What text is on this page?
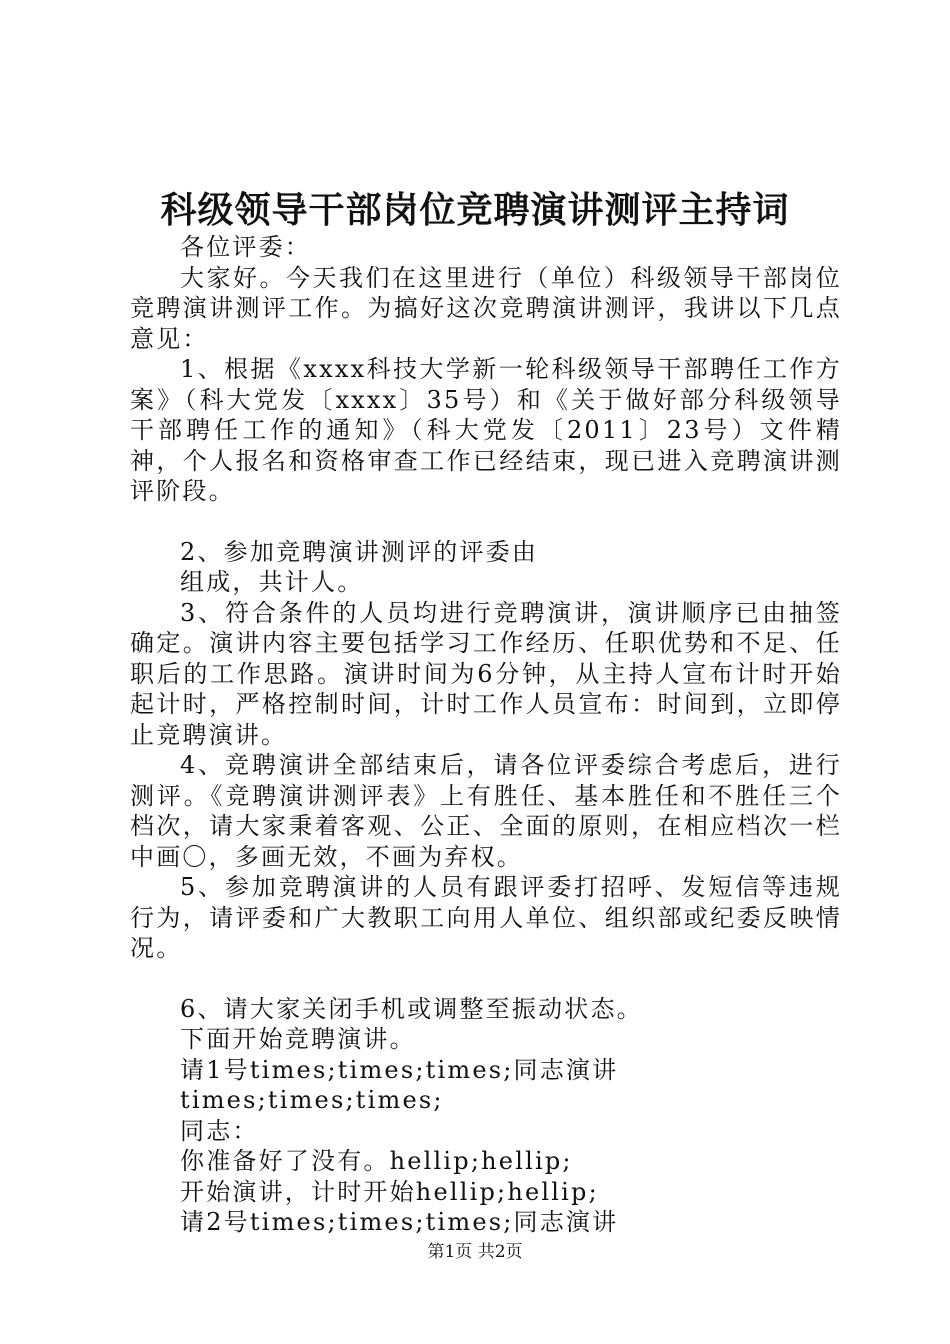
科级领导干部岗位竞聘演讲测评主持词

各位评委：

大家好。今天我们在这里进行（单位）科级领导干部岗位竞聘演讲测评工作。为搞好这次竞聘演讲测评，我讲以下几点意见：

1、根据《xxxx科技大学新一轮科级领导干部聘任工作方案》（科大党发〔xxxx〕35号）和《关于做好部分科级领导干部聘任工作的通知》（科大党发〔2011〕23号）文件精神，个人报名和资格审查工作已经结束，现已进入竞聘演讲测评阶段。

2、参加竞聘演讲测评的评委由

组成，共计人。

3、符合条件的人员均进行竞聘演讲，演讲顺序已由抽签确定。演讲内容主要包括学习工作经历、任职优势和不足、任职后的工作思路。演讲时间为6分钟，从主持人宣布计时开始起计时，严格控制时间，计时工作人员宣布：时间到，立即停止竞聘演讲。

4、竞聘演讲全部结束后，请各位评委综合考虑后，进行测评。《竞聘演讲测评表》上有胜任、基本胜任和不胜任三个档次，请大家秉着客观、公正、全面的原则，在相应档次一栏中画〇，多画无效，不画为弃权。

5、参加竞聘演讲的人员有跟评委打招呼、发短信等违规行为，请评委和广大教职工向用人单位、组织部或纪委反映情况。

6、请大家关闭手机或调整至振动状态。

下面开始竞聘演讲。

请1号times;times;times;同志演讲

times;times;times;

同志：

你准备好了没有。hellip;hellip;

开始演讲，计时开始hellip;hellip;

请2号times;times;times;同志演讲

第1页 共2页
